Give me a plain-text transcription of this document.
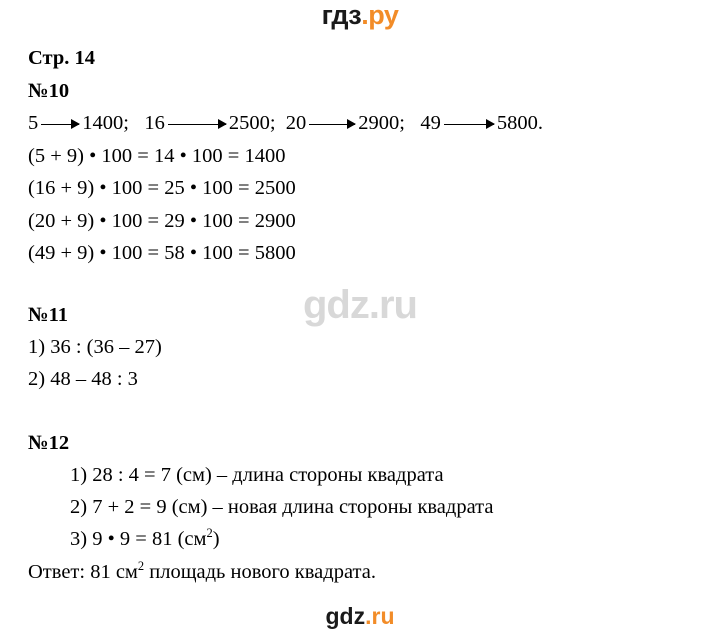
гдз.ру
gdz.ru
Стр. 14
№10
5 1400;
16	2500;
20	2900;
49	5800.
(5 + 9) • 100 = 14 • 100 = 1400
(16 + 9) • 100 = 25 • 100 = 2500
(20 + 9) • 100 = 29 • 100 = 2900
(49 + 9) • 100 = 58 • 100 = 5800
№11
1) 36 : (36 – 27)
2) 48 – 48 : 3
№12
1) 28 : 4 = 7 (см) – длина стороны квадрата
2) 7 + 2 = 9 (см) – новая длина стороны квадрата
3) 9 • 9 = 81 $(см^2)$
Ответ: 81 $см^2$ площадь нового квадрата.
gdz.ru
